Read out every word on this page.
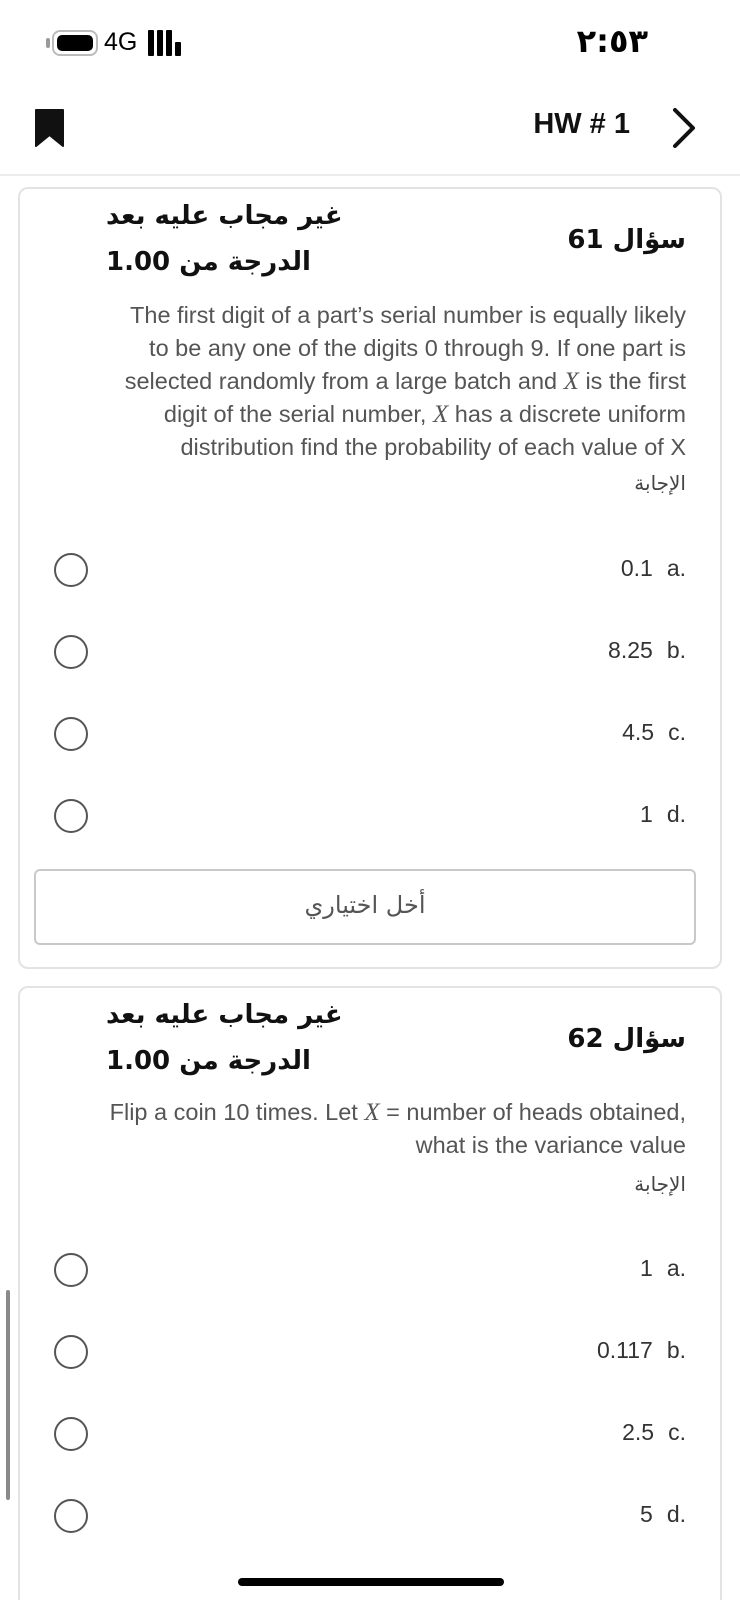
4G	٢:٥٣
HW # 1
غير مجاب عليه بعد
الدرجة من 1.00
سؤال 61
The first digit of a part’s serial number is equally likely
to be any one of the digits 0 through 9. If one part is
selected randomly from a large batch and X is the first
digit of the serial number, X has a discrete uniform
distribution find the probability of each value of X
الإجابة
0.1 a.
8.25 b.
4.5 c.
1 d.
أخل اختياري
غير مجاب عليه بعد
الدرجة من 1.00
سؤال 62
Flip a coin 10 times. Let X = number of heads obtained,
what is the variance value
الإجابة
1 a.
0.117 b.
2.5 c.
5 d.
